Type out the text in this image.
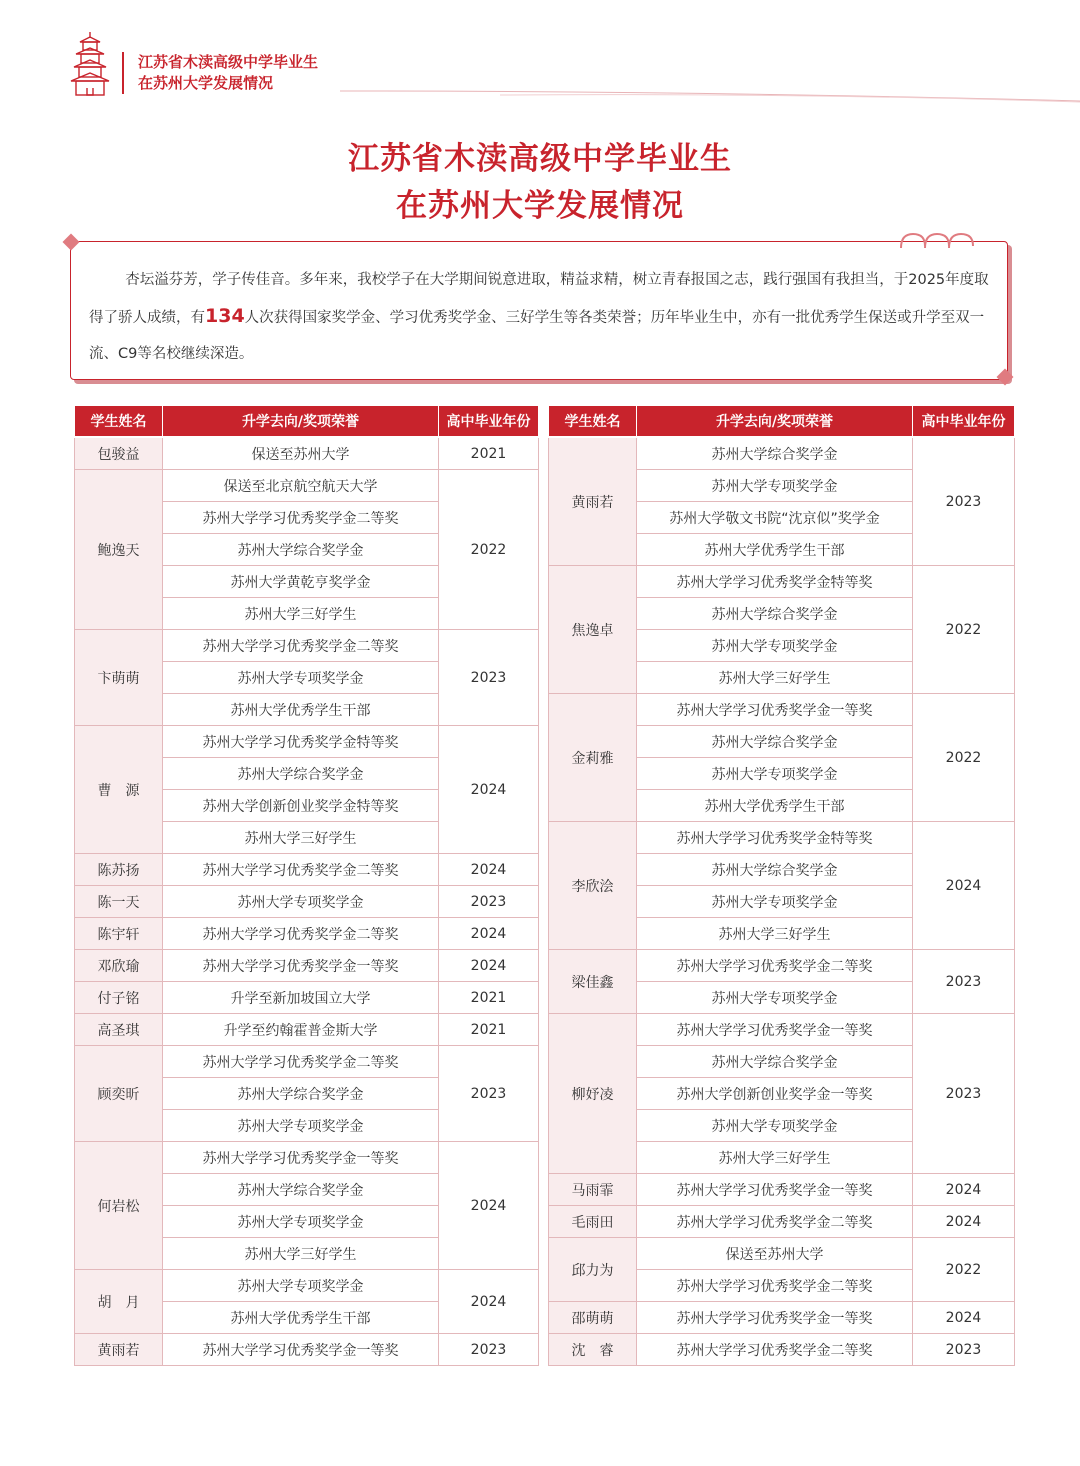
江苏省木渎高级中学毕业生
在苏州大学发展情况
江苏省木渎高级中学毕业生
在苏州大学发展情况
杏坛溢芬芳，学子传佳音。多年来，我校学子在大学期间锐意进取，精益求精，树立青春报国之志，践行强国有我担当，于2025年度取得了骄人成绩，有134人次获得国家奖学金、学习优秀奖学金、三好学生等各类荣誉；历年毕业生中，亦有一批优秀学生保送或升学至双一流、C9等名校继续深造。
学生姓名	升学去向/奖项荣誉	高中毕业年份
包骏益	保送至苏州大学	2021
鲍逸天	保送至北京航空航天大学	2022
	苏州大学学习优秀奖学金二等奖	
	苏州大学综合奖学金	
	苏州大学黄乾亨奖学金	
	苏州大学三好学生	
卞萌萌	苏州大学学习优秀奖学金二等奖	2023
	苏州大学专项奖学金	
	苏州大学优秀学生干部	
曹　源	苏州大学学习优秀奖学金特等奖	2024
	苏州大学综合奖学金	
	苏州大学创新创业奖学金特等奖	
	苏州大学三好学生	
陈苏扬	苏州大学学习优秀奖学金二等奖	2024
陈一天	苏州大学专项奖学金	2023
陈宇轩	苏州大学学习优秀奖学金二等奖	2024
邓欣瑜	苏州大学学习优秀奖学金一等奖	2024
付子铭	升学至新加坡国立大学	2021
高圣琪	升学至约翰霍普金斯大学	2021
顾奕昕	苏州大学学习优秀奖学金二等奖	2023
	苏州大学综合奖学金	
	苏州大学专项奖学金	
何岩松	苏州大学学习优秀奖学金一等奖	2024
	苏州大学综合奖学金	
	苏州大学专项奖学金	
	苏州大学三好学生	
胡　月	苏州大学专项奖学金	2024
	苏州大学优秀学生干部	
黄雨若	苏州大学学习优秀奖学金一等奖	2023
学生姓名	升学去向/奖项荣誉	高中毕业年份
黄雨若	苏州大学综合奖学金	2023
	苏州大学专项奖学金	
	苏州大学敬文书院“沈京似”奖学金	
	苏州大学优秀学生干部	
焦逸卓	苏州大学学习优秀奖学金特等奖	2022
	苏州大学综合奖学金	
	苏州大学专项奖学金	
	苏州大学三好学生	
金莉雅	苏州大学学习优秀奖学金一等奖	2022
	苏州大学综合奖学金	
	苏州大学专项奖学金	
	苏州大学优秀学生干部	
李欣浍	苏州大学学习优秀奖学金特等奖	2024
	苏州大学综合奖学金	
	苏州大学专项奖学金	
	苏州大学三好学生	
梁佳鑫	苏州大学学习优秀奖学金二等奖	2023
	苏州大学专项奖学金	
柳妤凌	苏州大学学习优秀奖学金一等奖	2023
	苏州大学综合奖学金	
	苏州大学创新创业奖学金一等奖	
	苏州大学专项奖学金	
	苏州大学三好学生	
马雨霏	苏州大学学习优秀奖学金一等奖	2024
毛雨田	苏州大学学习优秀奖学金二等奖	2024
邱力为	保送至苏州大学	2022
	苏州大学学习优秀奖学金二等奖	
邵萌萌	苏州大学学习优秀奖学金一等奖	2024
沈　睿	苏州大学学习优秀奖学金二等奖	2023
